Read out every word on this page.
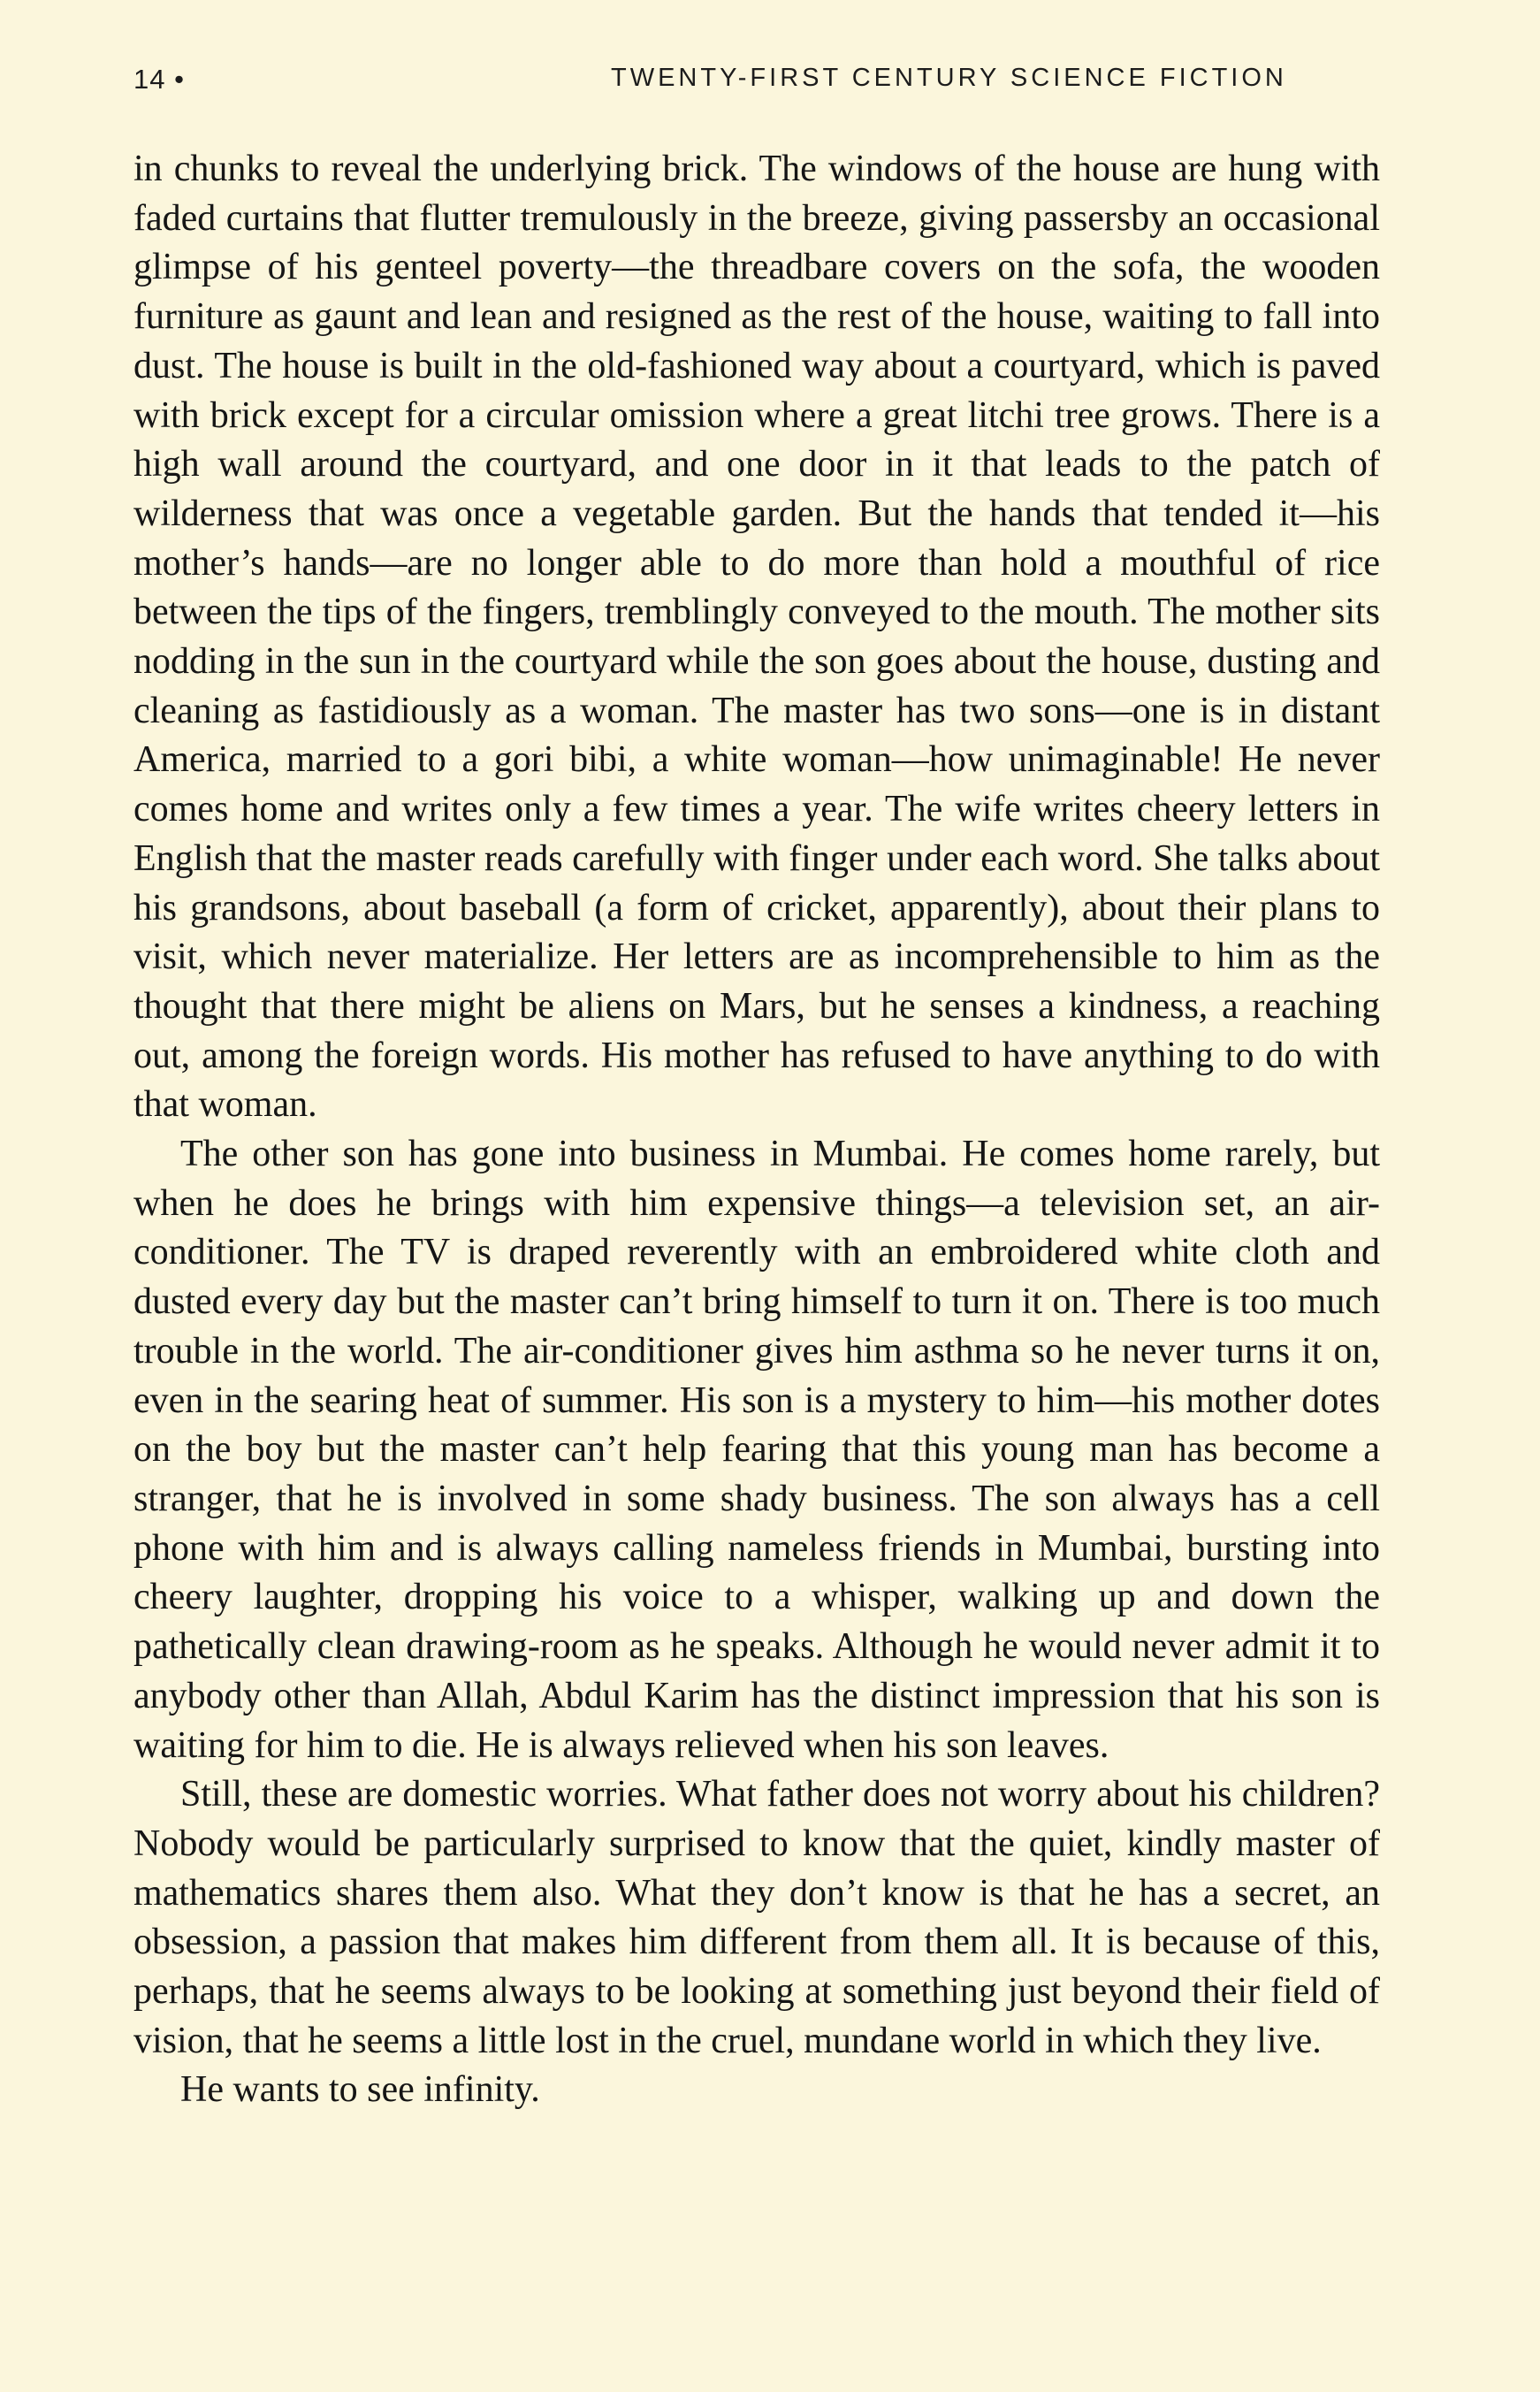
14 •	TWENTY-FIRST CENTURY SCIENCE FICTION

in chunks to reveal the underlying brick. The windows of the house are hung with faded curtains that flutter tremulously in the breeze, giving passersby an occasional glimpse of his genteel poverty—the threadbare covers on the sofa, the wooden furniture as gaunt and lean and resigned as the rest of the house, waiting to fall into dust. The house is built in the old-fashioned way about a courtyard, which is paved with brick except for a circular omission where a great litchi tree grows. There is a high wall around the courtyard, and one door in it that leads to the patch of wilderness that was once a vegetable garden. But the hands that tended it—his mother’s hands—are no longer able to do more than hold a mouthful of rice between the tips of the fingers, tremblingly conveyed to the mouth. The mother sits nodding in the sun in the courtyard while the son goes about the house, dusting and cleaning as fastidiously as a woman. The master has two sons—one is in distant America, married to a gori bibi, a white woman—how unimaginable! He never comes home and writes only a few times a year. The wife writes cheery letters in English that the master reads carefully with finger under each word. She talks about his grandsons, about baseball (a form of cricket, apparently), about their plans to visit, which never materialize. Her letters are as incomprehensible to him as the thought that there might be aliens on Mars, but he senses a kindness, a reaching out, among the foreign words. His mother has refused to have anything to do with that woman.

The other son has gone into business in Mumbai. He comes home rarely, but when he does he brings with him expensive things—a television set, an air-conditioner. The TV is draped reverently with an embroidered white cloth and dusted every day but the master can’t bring himself to turn it on. There is too much trouble in the world. The air-conditioner gives him asthma so he never turns it on, even in the searing heat of summer. His son is a mystery to him—his mother dotes on the boy but the master can’t help fearing that this young man has become a stranger, that he is involved in some shady business. The son always has a cell phone with him and is always calling nameless friends in Mumbai, bursting into cheery laughter, dropping his voice to a whisper, walking up and down the pathetically clean drawing-room as he speaks. Although he would never admit it to anybody other than Allah, Abdul Karim has the distinct impression that his son is waiting for him to die. He is always relieved when his son leaves.

Still, these are domestic worries. What father does not worry about his children? Nobody would be particularly surprised to know that the quiet, kindly master of mathematics shares them also. What they don’t know is that he has a secret, an obsession, a passion that makes him different from them all. It is because of this, perhaps, that he seems always to be looking at something just beyond their field of vision, that he seems a little lost in the cruel, mundane world in which they live.

He wants to see infinity.
